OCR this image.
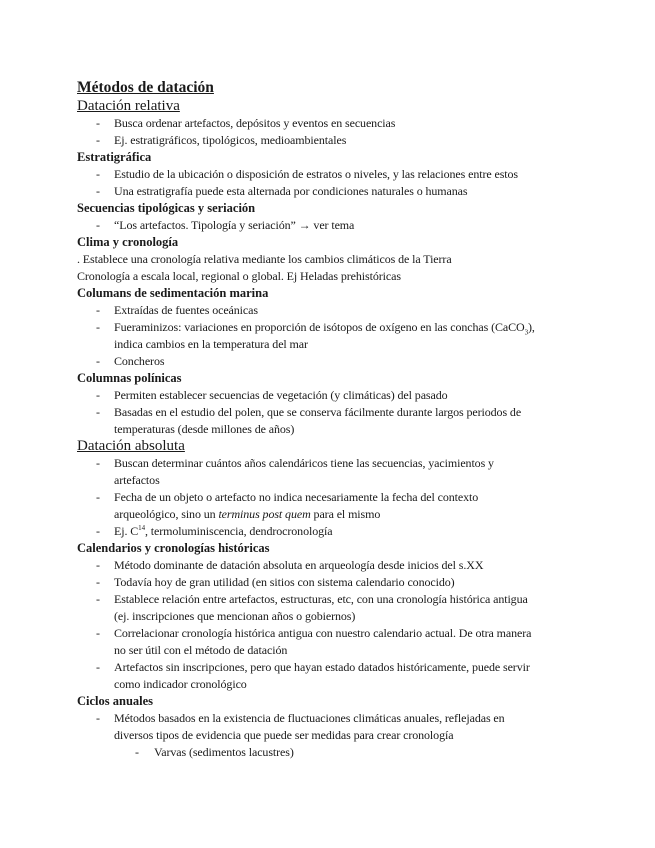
Métodos de datación

Datación relativa

- Busca ordenar artefactos, depósitos y eventos en secuencias
- Ej. estratigráficos, tipológicos, medioambientales

Estratigráfica

- Estudio de la ubicación o disposición de estratos o niveles, y las relaciones entre estos
- Una estratigrafía puede esta alternada por condiciones naturales o humanas

Secuencias tipológicas y seriación

- “Los artefactos. Tipología y seriación” → ver tema

Clima y cronología

. Establece una cronología relativa mediante los cambios climáticos de la Tierra

Cronología a escala local, regional o global. Ej Heladas prehistóricas

Columans de sedimentación marina

- Extraídas de fuentes oceánicas
- Fueraminizos: variaciones en proporción de isótopos de oxígeno en las conchas (CaCO$_3$),
indica cambios en la temperatura del mar
- Concheros

Columnas polínicas

- Permiten establecer secuencias de vegetación (y climáticas) del pasado
- Basadas en el estudio del polen, que se conserva fácilmente durante largos periodos de
temperaturas (desde millones de años)

Datación absoluta

- Buscan determinar cuántos años calendáricos tiene las secuencias, yacimientos y
artefactos
- Fecha de un objeto o artefacto no indica necesariamente la fecha del contexto
arqueológico, sino un terminus post quem para el mismo
- Ej. $C^{14}$, termoluminiscencia, dendrocronología

Calendarios y cronologías históricas

- Método dominante de datación absoluta en arqueología desde inicios del s.XX
- Todavía hoy de gran utilidad (en sitios con sistema calendario conocido)
- Establece relación entre artefactos, estructuras, etc, con una cronología histórica antigua
(ej. inscripciones que mencionan años o gobiernos)
- Correlacionar cronología histórica antigua con nuestro calendario actual. De otra manera
no ser útil con el método de datación
- Artefactos sin inscripciones, pero que hayan estado datados históricamente, puede servir
como indicador cronológico

Ciclos anuales

- Métodos basados en la existencia de fluctuaciones climáticas anuales, reflejadas en
diversos tipos de evidencia que puede ser medidas para crear cronología
- Varvas (sedimentos lacustres)
